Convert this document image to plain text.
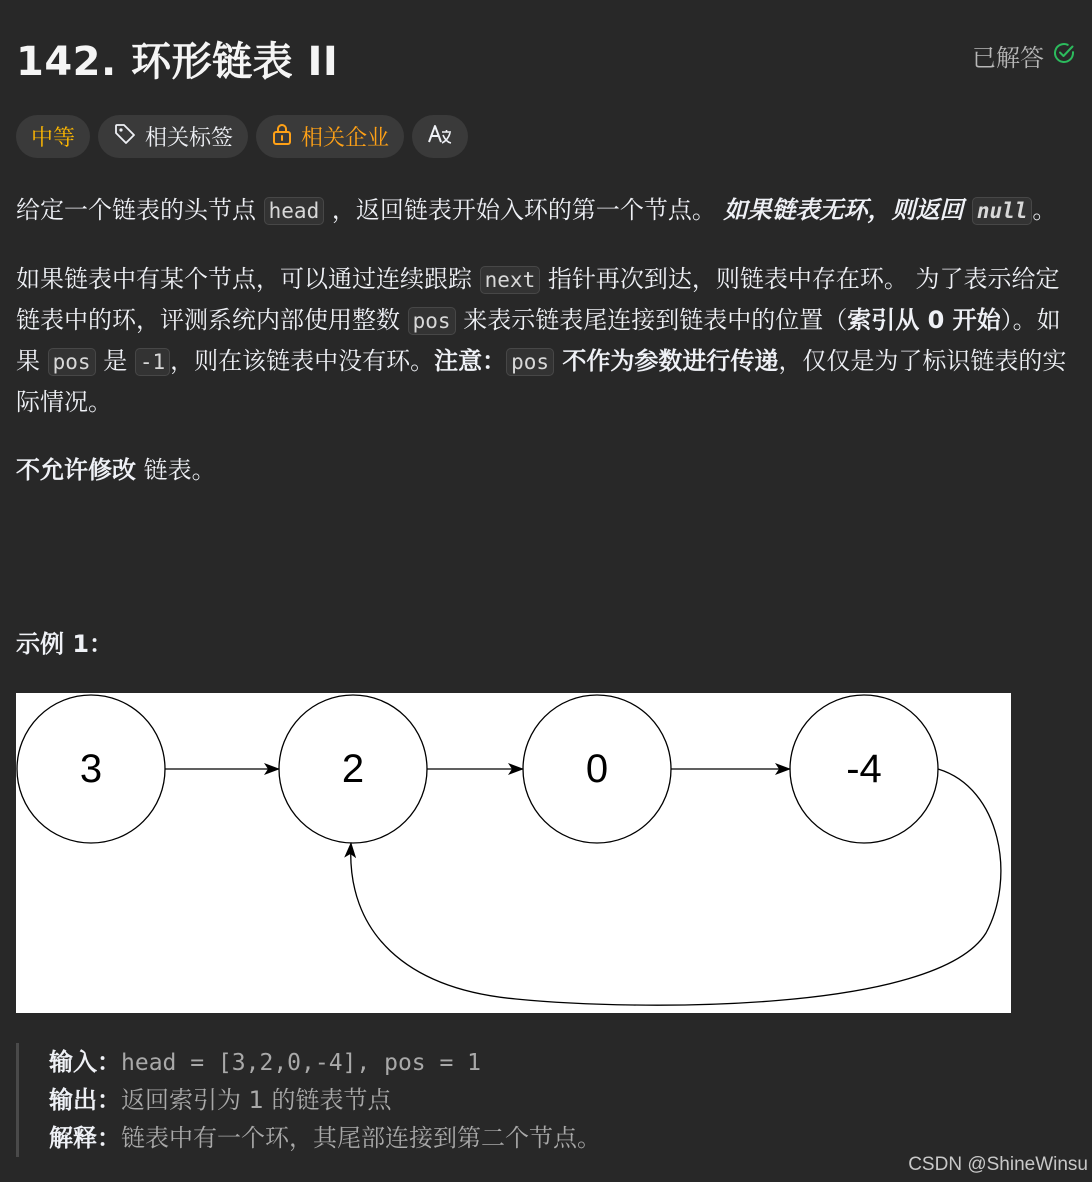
142. 环形链表 II	已解答
中等	相关标签	相关企业

给定一个链表的头节点 head ，返回链表开始入环的第一个节点。 如果链表无环，则返回 null 。

如果链表中有某个节点，可以通过连续跟踪 next 指针再次到达，则链表中存在环。 为了表示给定链表中的环，评测系统内部使用整数 pos 来表示链表尾连接到链表中的位置（索引从 0 开始）。如果 pos 是 -1 ，则在该链表中没有环。注意： pos 不作为参数进行传递，仅仅是为了标识链表的实际情况。

不允许修改 链表。

示例 1：
3	2	0	-4
输入：head = [3,2,0,-4], pos = 1
输出：返回索引为 1 的链表节点
解释：链表中有一个环，其尾部连接到第二个节点。
CSDN @ShineWinsu
